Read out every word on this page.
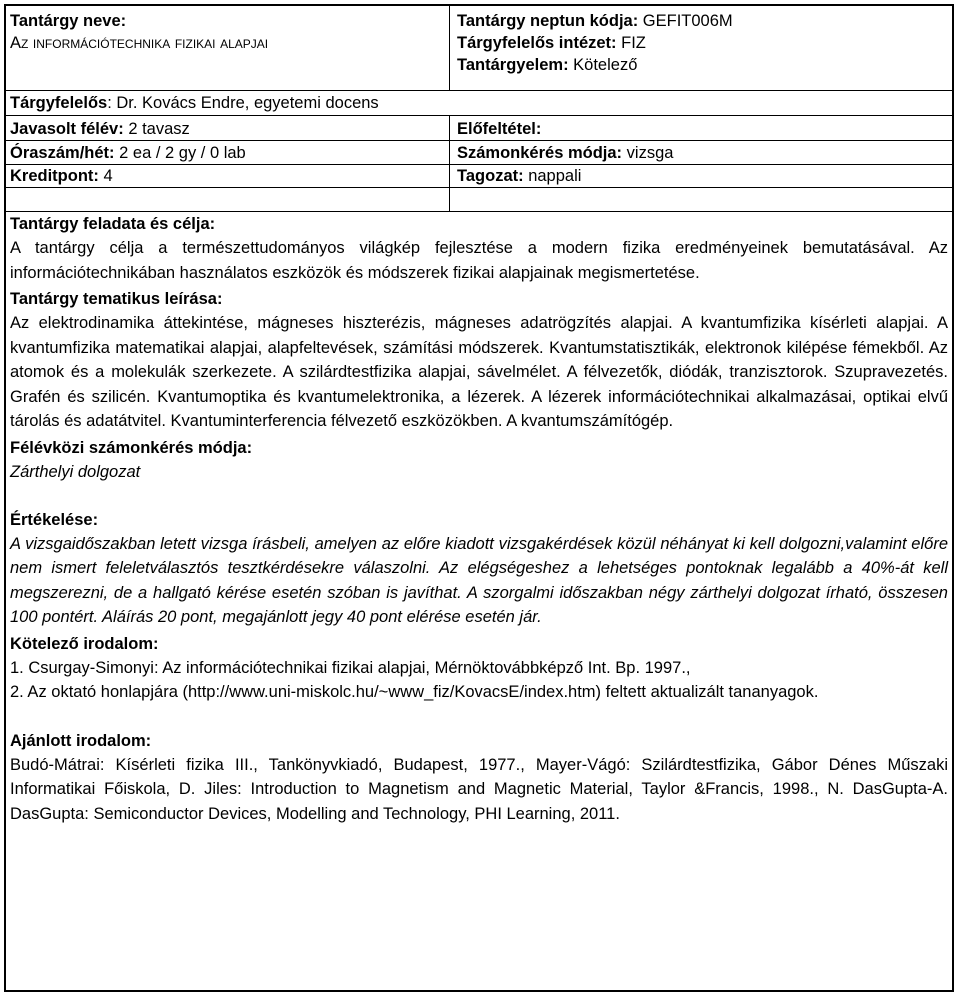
Tantárgy neve:
Az információtechnika fizikai alapjai
Tantárgy neptun kódja: GEFIT006M
Tárgyfelelős intézet: FIZ
Tantárgyelem: Kötelező
Tárgyfelelős: Dr. Kovács Endre, egyetemi docens
Javasolt félév: 2 tavasz
Óraszám/hét: 2 ea / 2 gy / 0 lab
Kreditpont: 4
Előfeltétel:
Számonkérés módja: vizsga
Tagozat: nappali
Tantárgy feladata és célja:

A tantárgy célja a természettudományos világkép fejlesztése a modern fizika eredményeinek bemutatásával. Az információtechnikában használatos eszközök és módszerek fizikai alapjainak megismertetése.

Tantárgy tematikus leírása:

Az elektrodinamika áttekintése, mágneses hiszterézis, mágneses adatrögzítés alapjai. A kvantumfizika kísérleti alapjai. A kvantumfizika matematikai alapjai, alapfeltevések, számítási módszerek. Kvantumstatisztikák, elektronok kilépése fémekből. Az atomok és a molekulák szerkezete. A szilárdtestfizika alapjai, sávelmélet. A félvezetők, diódák, tranzisztorok. Szupravezetés. Grafén és szilicén. Kvantumoptika és kvantumelektronika, a lézerek. A lézerek információtechnikai alkalmazásai, optikai elvű tárolás és adatátvitel. Kvantuminterferencia félvezető eszközökben. A kvantumszámítógép.

Félévközi számonkérés módja:
Zárthelyi dolgozat
Értékelése:

A vizsgaidőszakban letett vizsga írásbeli, amelyen az előre kiadott vizsgakérdések közül néhányat ki kell dolgozni,valamint előre nem ismert feleletválasztós tesztkérdésekre válaszolni. Az elégségeshez a lehetséges pontoknak legalább a 40%-át kell megszerezni, de a hallgató kérése esetén szóban is javíthat. A szorgalmi időszakban négy zárthelyi dolgozat írható, összesen 100 pontért. Aláírás 20 pont, megajánlott jegy 40 pont elérése esetén jár.

Kötelező irodalom:
1. Csurgay-Simonyi: Az információtechnikai fizikai alapjai, Mérnöktovábbképző Int. Bp. 1997.,

2. Az oktató honlapjára (http://www.uni-miskolc.hu/~www_fiz/KovacsE/index.htm) feltett aktualizált tananyagok.

Ajánlott irodalom:

Budó-Mátrai: Kísérleti fizika III., Tankönyvkiadó, Budapest, 1977., Mayer-Vágó: Szilárdtestfizika, Gábor Dénes Műszaki Informatikai Főiskola, D. Jiles: Introduction to Magnetism and Magnetic Material, Taylor &Francis, 1998., N. DasGupta-A. DasGupta: Semiconductor Devices, Modelling and Technology, PHI Learning, 2011.
